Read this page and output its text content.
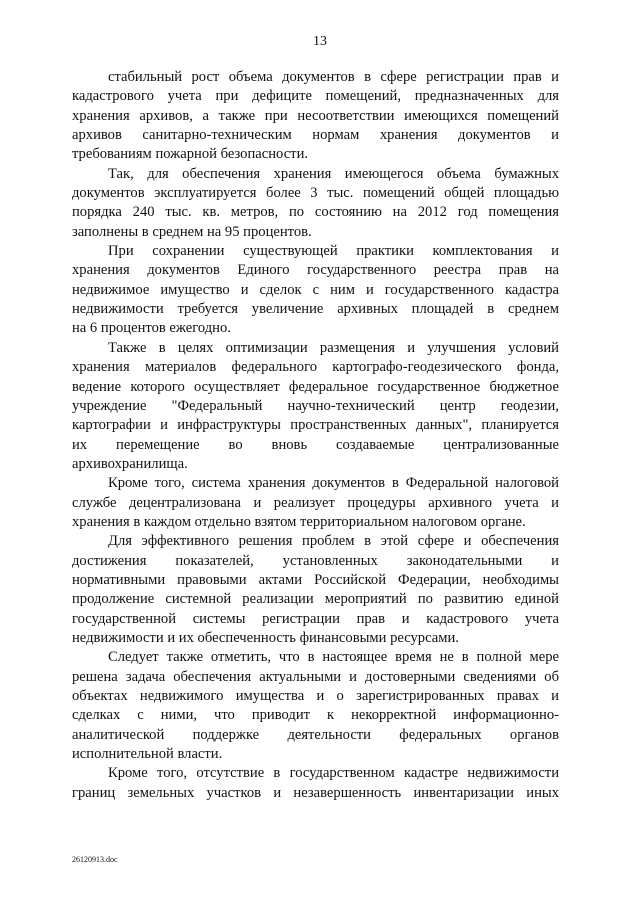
13
стабильный рост объема документов в сфере регистрации прав и
кадастрового учета при дефиците помещений, предназначенных для
хранения архивов, а также при несоответствии имеющихся помещений
архивов санитарно-техническим нормам хранения документов и
требованиям пожарной безопасности.
Так, для обеспечения хранения имеющегося объема бумажных
документов эксплуатируется более 3 тыс. помещений общей площадью
порядка 240 тыс. кв. метров, по состоянию на 2012 год помещения
заполнены в среднем на 95 процентов.
При сохранении существующей практики комплектования и
хранения документов Единого государственного реестра прав на
недвижимое имущество и сделок с ним и государственного кадастра
недвижимости требуется увеличение архивных площадей в среднем
на 6 процентов ежегодно.
Также в целях оптимизации размещения и улучшения условий
хранения материалов федерального картографо-геодезического фонда,
ведение которого осуществляет федеральное государственное бюджетное
учреждение "Федеральный научно-технический центр геодезии,
картографии и инфраструктуры пространственных данных", планируется
их перемещение во вновь создаваемые централизованные
архивохранилища.
Кроме того, система хранения документов в Федеральной налоговой
службе децентрализована и реализует процедуры архивного учета и
хранения в каждом отдельно взятом территориальном налоговом органе.
Для эффективного решения проблем в этой сфере и обеспечения
достижения показателей, установленных законодательными и
нормативными правовыми актами Российской Федерации, необходимы
продолжение системной реализации мероприятий по развитию единой
государственной системы регистрации прав и кадастрового учета
недвижимости и их обеспеченность финансовыми ресурсами.
Следует также отметить, что в настоящее время не в полной мере
решена задача обеспечения актуальными и достоверными сведениями об
объектах недвижимого имущества и о зарегистрированных правах и
сделках с ними, что приводит к некорректной информационно-
аналитической поддержке деятельности федеральных органов
исполнительной власти.
Кроме того, отсутствие в государственном кадастре недвижимости
границ земельных участков и незавершенность инвентаризации иных
26120913.doc
